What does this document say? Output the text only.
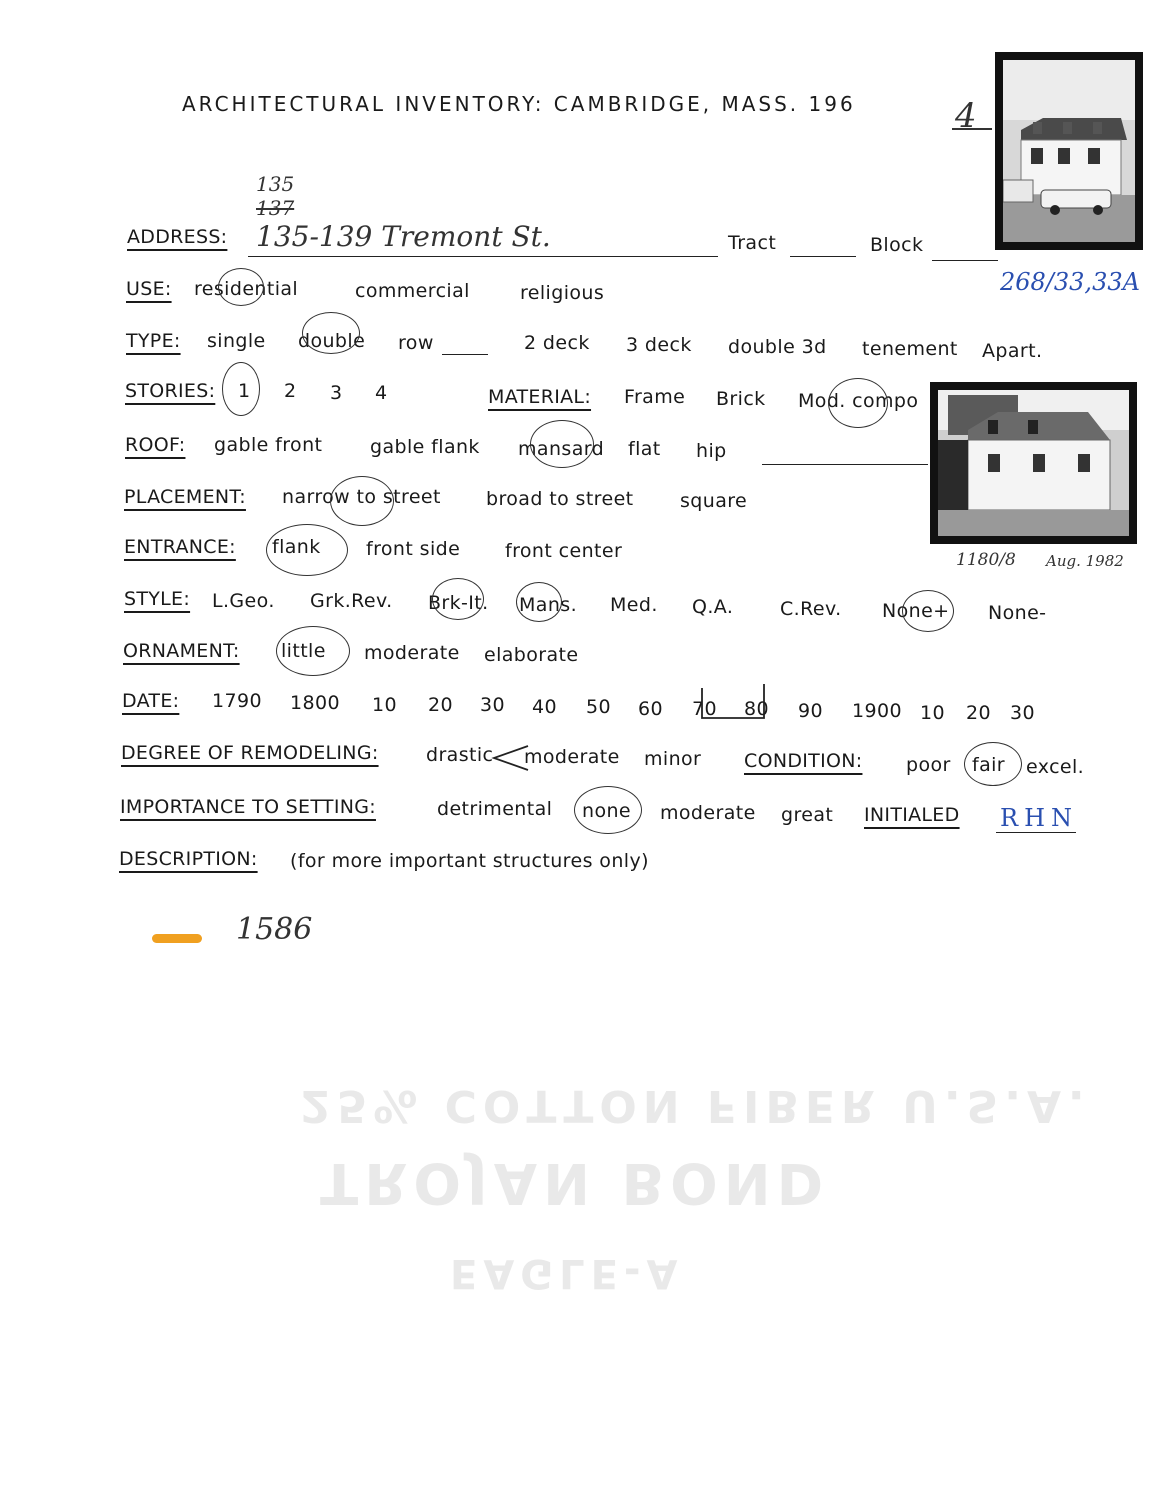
ARCHITECTURAL INVENTORY: CAMBRIDGE, MASS. 196	4
135
137
ADDRESS: 135-139 Tremont St.	Tract	Block
268/33,33A
USE: residential	commercial	religious
TYPE: single double row	2 deck 3 deck double 3d tenement Apart.
STORIES: 1 2 3 4	MATERIAL: Frame Brick Mod. compo
ROOF: gable front	gable flank mansard flat hip
PLACEMENT: narrow to street broad to street square
ENTRANCE: flank front side front center	1180/8 Aug. 1982
STYLE: L.Geo. Grk.Rev. Brk-It. Mans. Med. Q.A. C.Rev. None+ None-
ORNAMENT: little moderate elaborate
DATE: 1790 1800 10 20 30 40 50 60 70 80 90 1900 10 20 30
DEGREE OF REMODELING: drastic moderate minor CONDITION: poor fair excel.
IMPORTANCE TO SETTING:	detrimental none moderate great INITIALED RHN
DESCRIPTION: (for more important structures only)
1586
25% COTTON FIBER U.S.A.
TROJAN BOND
EAGLE-A
